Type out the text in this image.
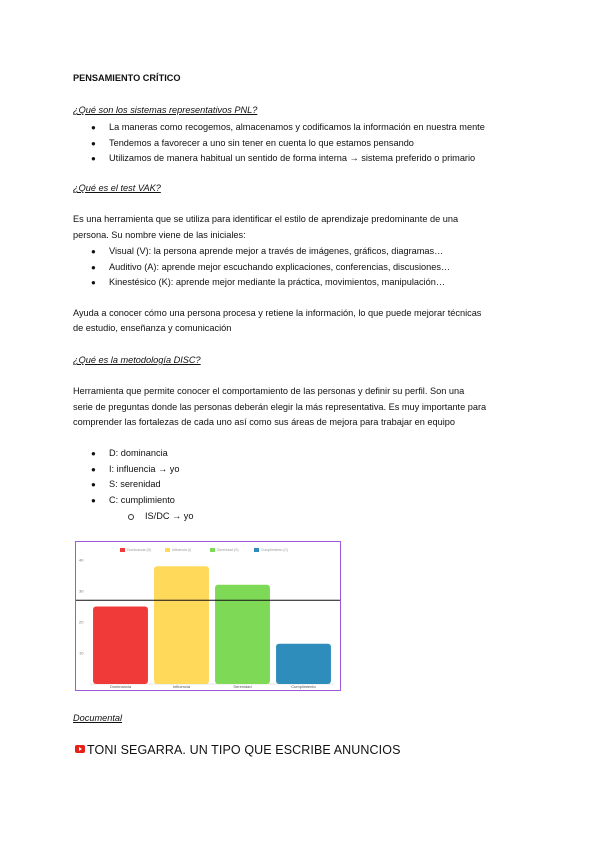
PENSAMIENTO CRÍTICO
¿Qué son los sistemas representativos PNL?
● La maneras como recogemos, almacenamos y codificamos la información en nuestra mente
● Tendemos a favorecer a uno sin tener en cuenta lo que estamos pensando
● Utilizamos de manera habitual un sentido de forma interna → sistema preferido o primario
¿Qué es el test VAK?
Es una herramienta que se utiliza para identificar el estilo de aprendizaje predominante de una
persona. Su nombre viene de las iniciales:
● Visual (V): la persona aprende mejor a través de imágenes, gráficos, diagramas…
● Auditivo (A): aprende mejor escuchando explicaciones, conferencias, discusiones…
● Kinestésico (K): aprende mejor mediante la práctica, movimientos, manipulación…
Ayuda a conocer cómo una persona procesa y retiene la información, lo que puede mejorar técnicas
de estudio, enseñanza y comunicación
¿Qué es la metodología DISC?
Herramienta que permite conocer el comportamiento de las personas y definir su perfil. Son una
serie de preguntas donde las personas deberán elegir la más representativa. Es muy importante para
comprender las fortalezas de cada uno así como sus áreas de mejora para trabajar en equipo
● D: dominancia
● I: influencia → yo
● S: serenidad
● C: cumplimiento
IS/DC → yo
Dominancia (D)	Influencia (I)	Serenidad (S)	Cumplimiento (C)
40
30
20
10
Dominancia	Influencia	Serenidad	Cumplimiento
Documental
TONI SEGARRA. UN TIPO QUE ESCRIBE ANUNCIOS
